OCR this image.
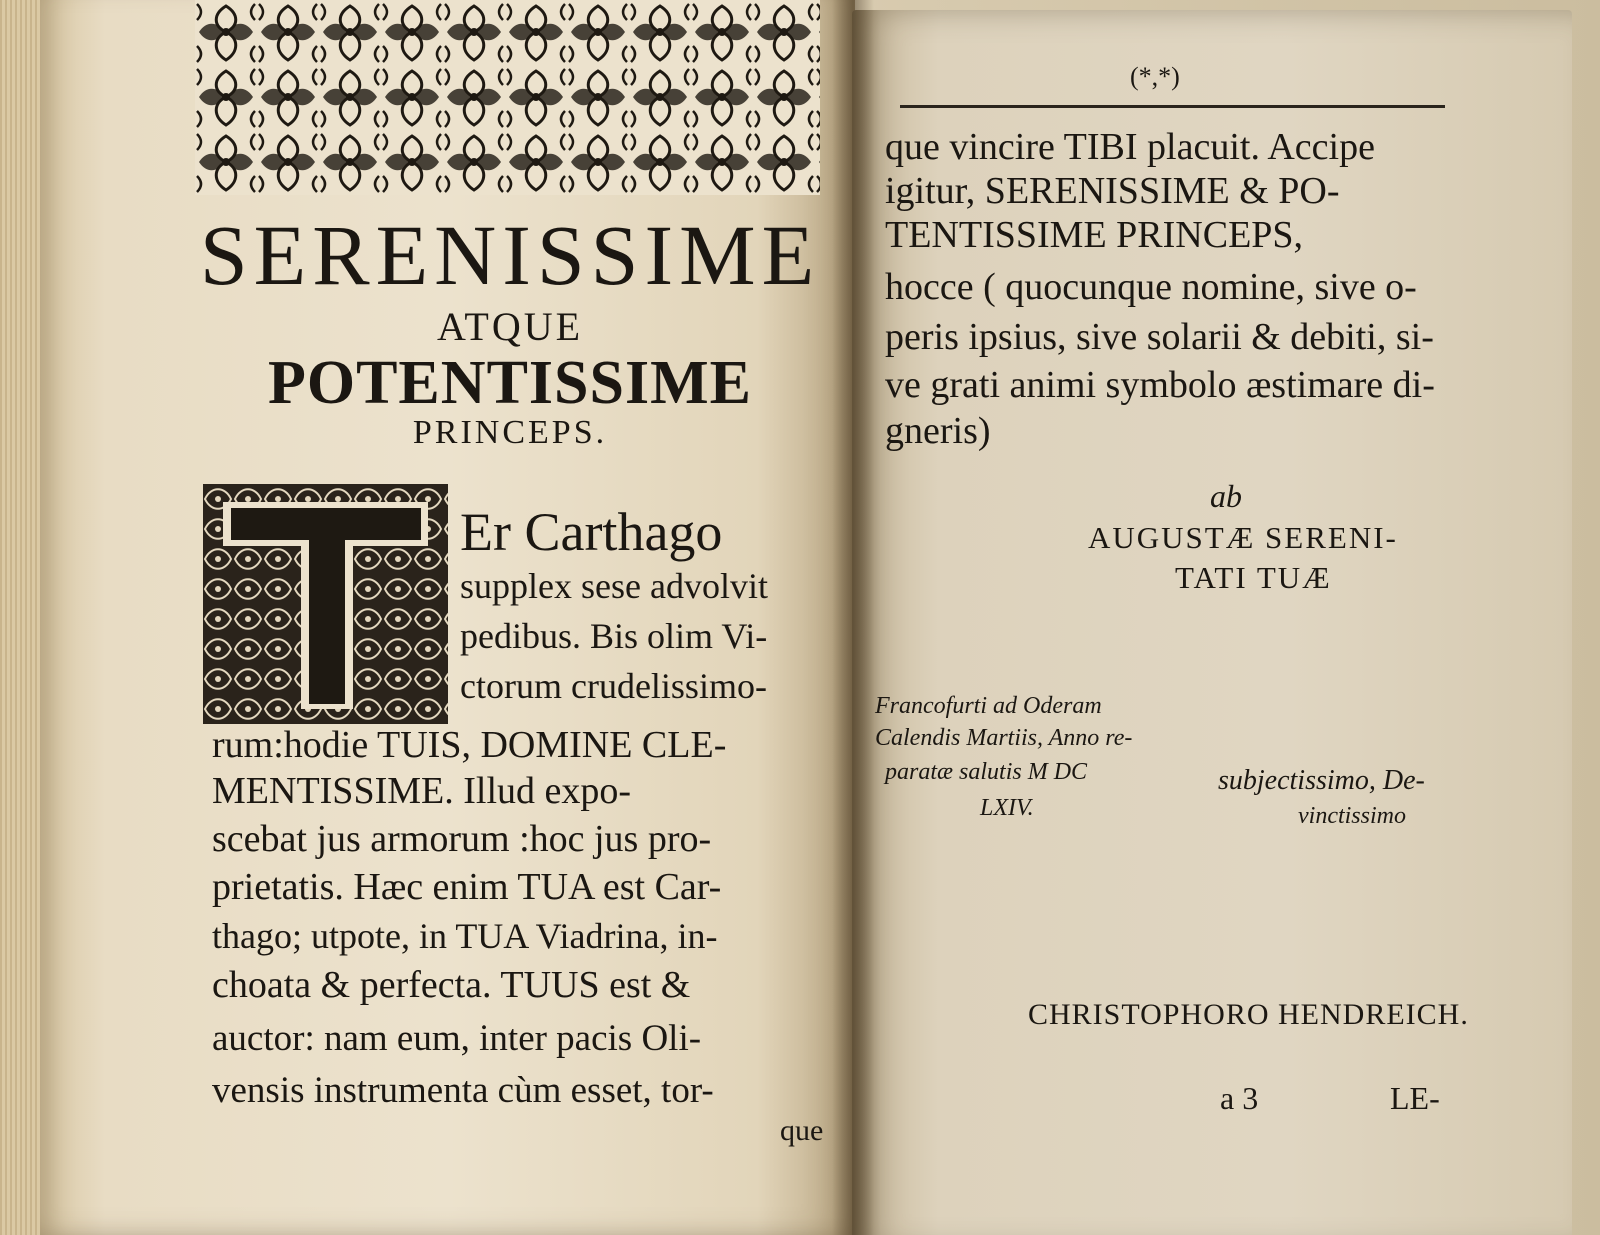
SERENISSIME
ATQUE
POTENTISSIME
PRINCEPS.
Er Carthago
supplex sese advolvit
pedibus. Bis olim Vi-
ctorum crudelissimo-
rum:hodie TUIS, DOMINE CLE-
MENTISSIME. Illud expo-
scebat jus armorum :hoc jus pro-
prietatis. Hæc enim TUA est Car-
thago; utpote, in TUA Viadrina, in-
choata & perfecta. TUUS est &
auctor: nam eum, inter pacis Oli-
vensis instrumenta cùm esset, tor-
que
(*,*)
que vincire TIBI placuit. Accipe
igitur, SERENISSIME & PO-
TENTISSIME PRINCEPS,
hocce ( quocunque nomine, sive o-
peris ipsius, sive solarii & debiti, si-
ve grati animi symbolo æstimare di-
gneris)
ab
AUGUSTÆ SERENI-
TATI TUÆ
Francofurti ad Oderam
Calendis Martiis, Anno re-
paratæ salutis M DC
LXIV.
subjectissimo, De-
vinctissimo
CHRISTOPHORO HENDREICH.
a 3	LE-
